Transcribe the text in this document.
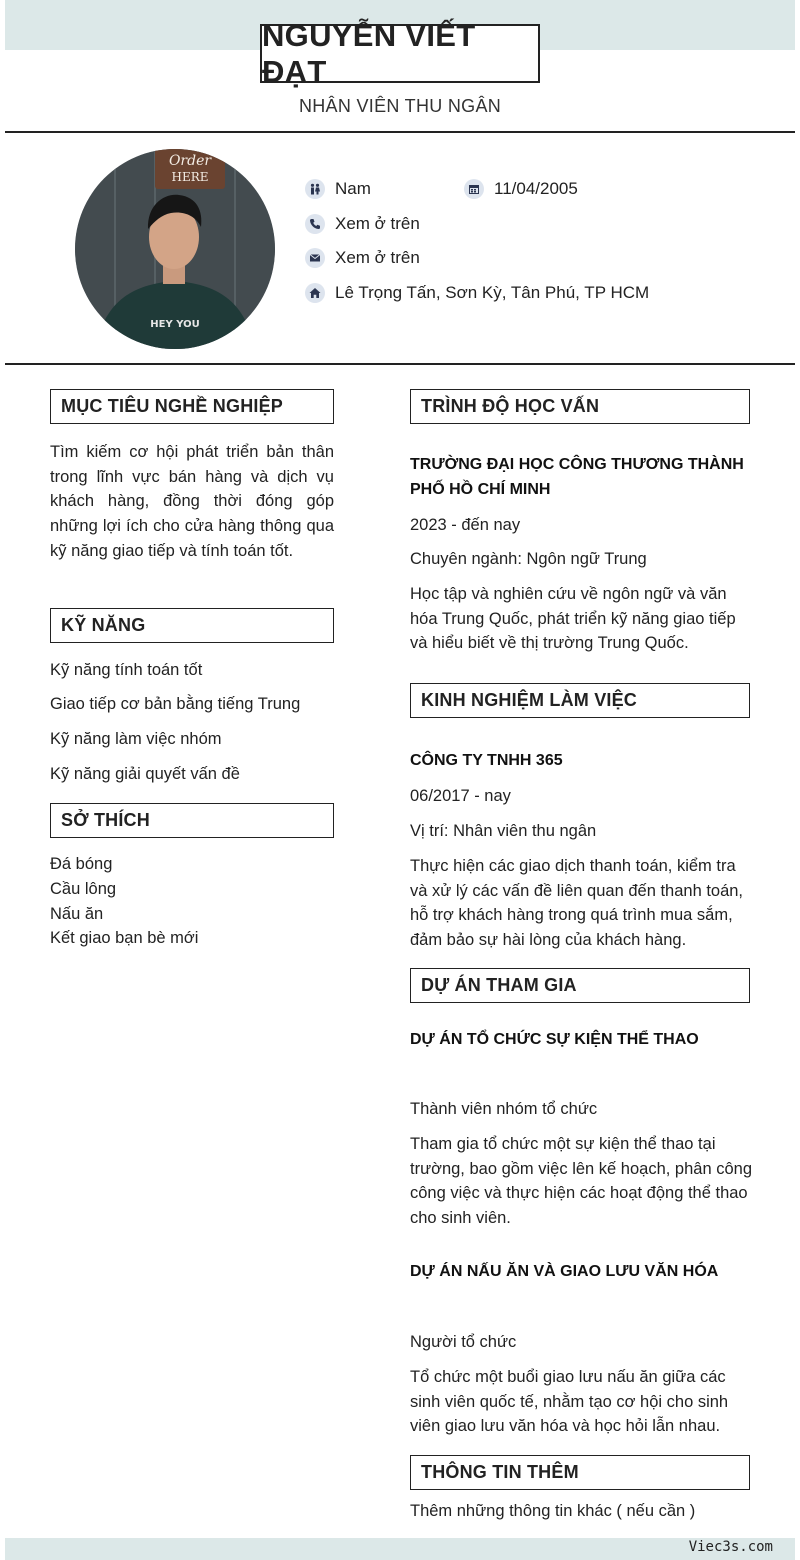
NGUYỄN VIẾT ĐẠT
NHÂN VIÊN THU NGÂN
Order
HERE
HEY YOU
Nam	11/04/2005
Xem ở trên
Xem ở trên
Lê Trọng Tấn, Sơn Kỳ, Tân Phú, TP HCM
MỤC TIÊU NGHỀ NGHIỆP
Tìm kiếm cơ hội phát triển bản thân trong lĩnh vực bán hàng và dịch vụ khách hàng, đồng thời đóng góp những lợi ích cho cửa hàng thông qua kỹ năng giao tiếp và tính toán tốt.
KỸ NĂNG
Kỹ năng tính toán tốt
Giao tiếp cơ bản bằng tiếng Trung
Kỹ năng làm việc nhóm
Kỹ năng giải quyết vấn đề
SỞ THÍCH
Đá bóng
Cầu lông
Nấu ăn
Kết giao bạn bè mới
TRÌNH ĐỘ HỌC VẤN
TRƯỜNG ĐẠI HỌC CÔNG THƯƠNG THÀNH
PHỐ HỒ CHÍ MINH
2023 - đến nay
Chuyên ngành: Ngôn ngữ Trung
Học tập và nghiên cứu về ngôn ngữ và văn hóa Trung Quốc, phát triển kỹ năng giao tiếp và hiểu biết về thị trường Trung Quốc.
KINH NGHIỆM LÀM VIỆC
CÔNG TY TNHH 365
06/2017 - nay
Vị trí: Nhân viên thu ngân
Thực hiện các giao dịch thanh toán, kiểm tra và xử lý các vấn đề liên quan đến thanh toán, hỗ trợ khách hàng trong quá trình mua sắm, đảm bảo sự hài lòng của khách hàng.
DỰ ÁN THAM GIA
DỰ ÁN TỔ CHỨC SỰ KIỆN THỂ THAO
Thành viên nhóm tổ chức
Tham gia tổ chức một sự kiện thể thao tại trường, bao gồm việc lên kế hoạch, phân công công việc và thực hiện các hoạt động thể thao cho sinh viên.
DỰ ÁN NẤU ĂN VÀ GIAO LƯU VĂN HÓA
Người tổ chức
Tổ chức một buổi giao lưu nấu ăn giữa các sinh viên quốc tế, nhằm tạo cơ hội cho sinh viên giao lưu văn hóa và học hỏi lẫn nhau.
THÔNG TIN THÊM
Thêm những thông tin khác ( nếu cần )
Viec3s.com
